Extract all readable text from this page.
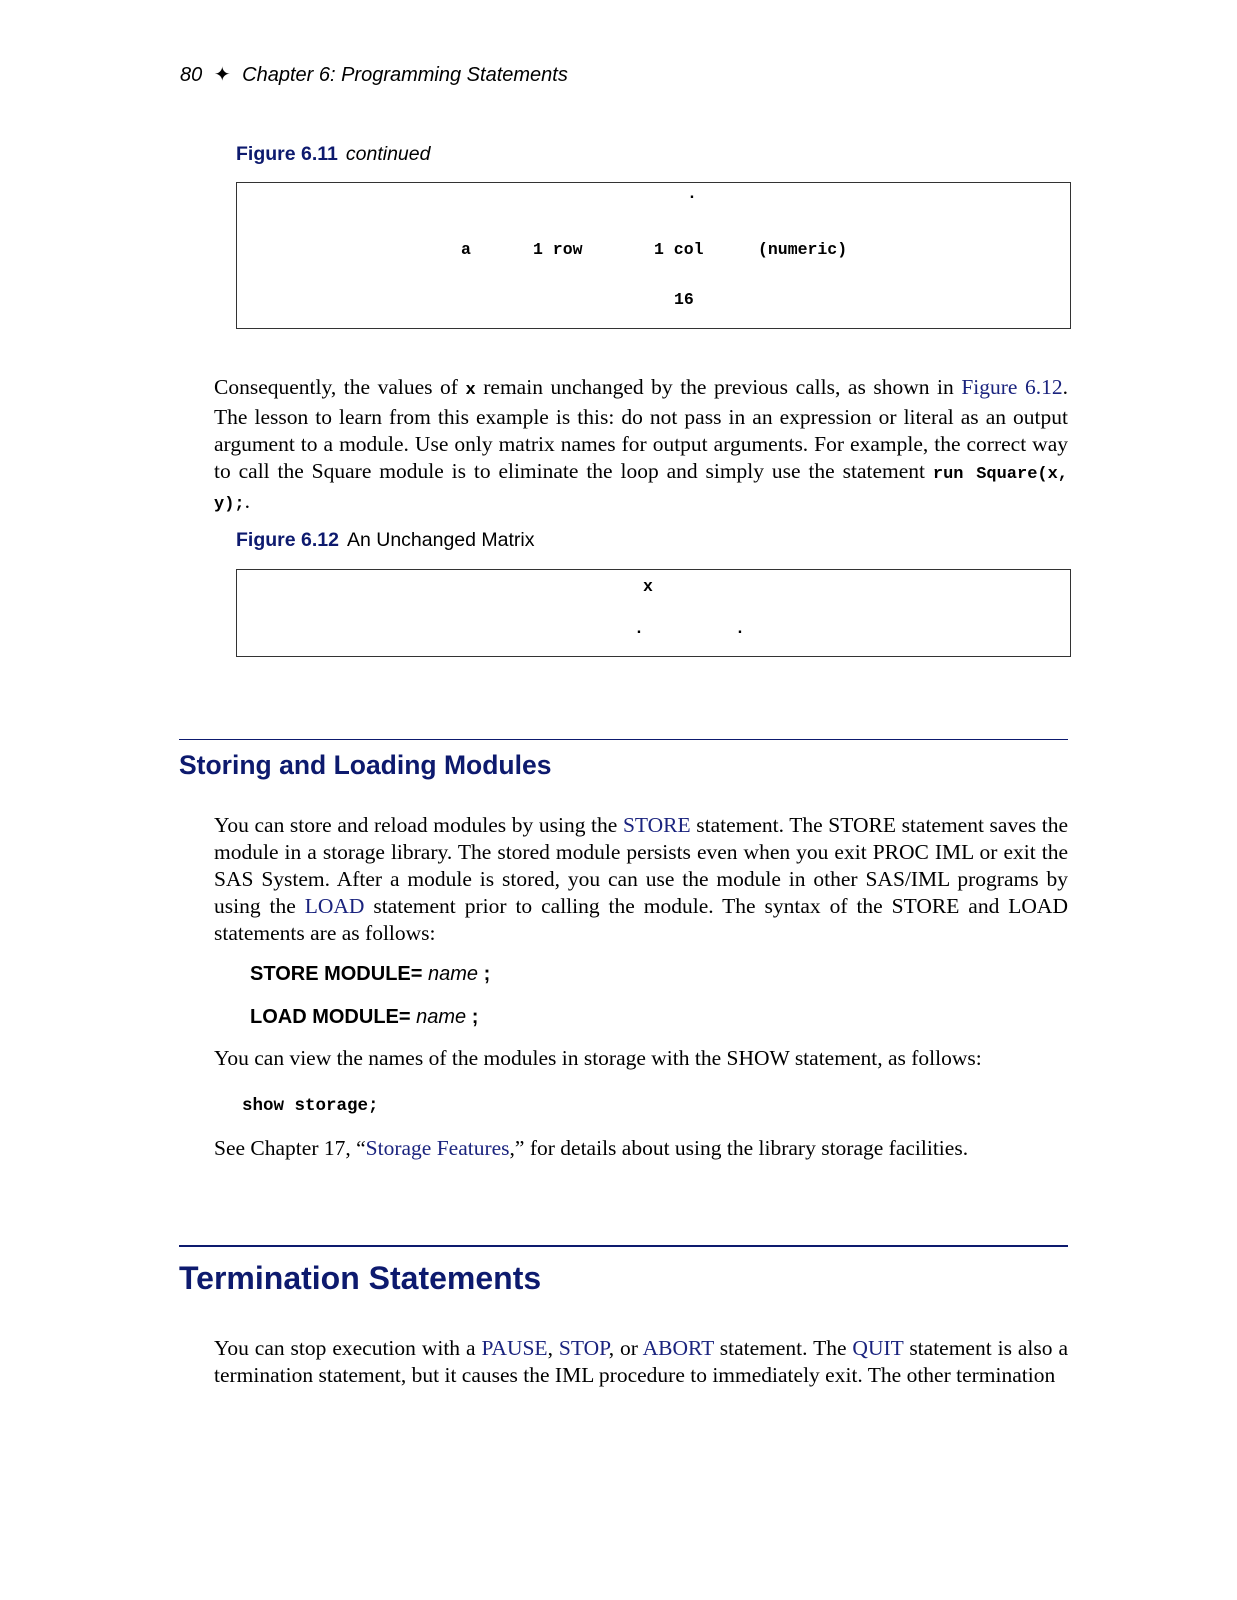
80 ✦ Chapter 6: Programming Statements
Figure 6.11 continued
.
a	1 row	1 col	(numeric)
16
Consequently, the values of x remain unchanged by the previous calls, as shown in Figure 6.12. The lesson to learn from this example is this: do not pass in an expression or literal as an output argument to a module. Use only matrix names for output arguments. For example, the correct way to call the Square module is to eliminate the loop and simply use the statement run Square(x, y);.
Figure 6.12 An Unchanged Matrix
x
.	.
Storing and Loading Modules
You can store and reload modules by using the STORE statement. The STORE statement saves the module in a storage library. The stored module persists even when you exit PROC IML or exit the SAS System. After a module is stored, you can use the module in other SAS/IML programs by using the LOAD statement prior to calling the module. The syntax of the STORE and LOAD statements are as follows:
STORE MODULE= name ;
LOAD MODULE= name ;
You can view the names of the modules in storage with the SHOW statement, as follows:
show storage;
See Chapter 17, “Storage Features,” for details about using the library storage facilities.
Termination Statements
You can stop execution with a PAUSE, STOP, or ABORT statement. The QUIT statement is also a termination statement, but it causes the IML procedure to immediately exit. The other termination
